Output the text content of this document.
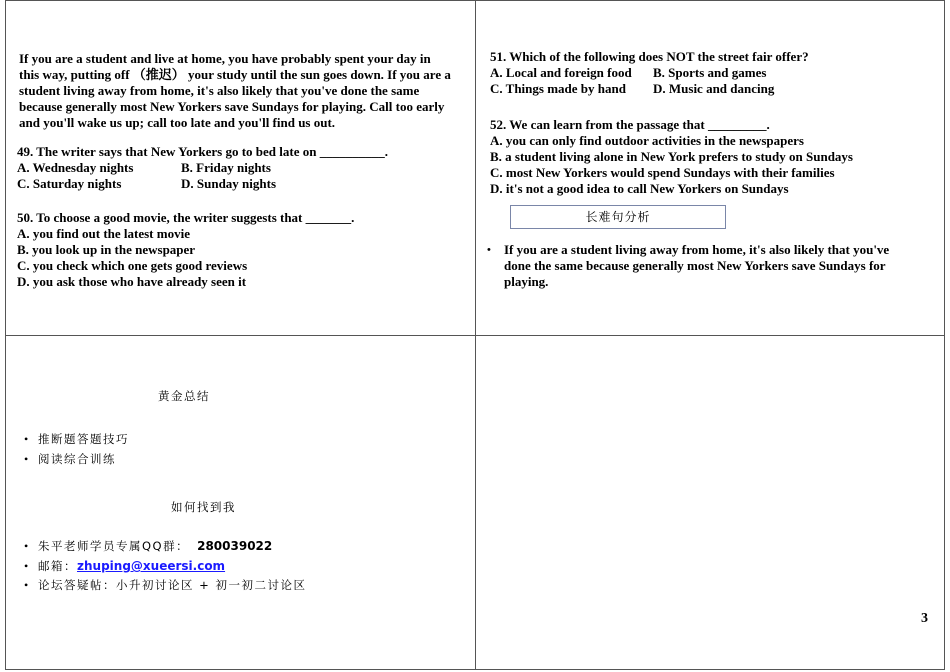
If you are a student and live at home, you have probably spent your day in this way, putting off （推迟） your study until the sun goes down. If you are a student living away from home, it's also likely that you've done the same because generally most New Yorkers save Sundays for playing. Call too early and you'll wake us up; call too late and you'll find us out.
49. The writer says that New Yorkers go to bed late on __________.
A. Wednesday nights	B. Friday nights
C. Saturday nights	D. Sunday nights
50. To choose a good movie, the writer suggests that _______.
A. you find out the latest movie
B. you look up in the newspaper
C. you check which one gets good reviews
D. you ask those who have already seen it
51. Which of the following does NOT the street fair offer?
A. Local and foreign food	B. Sports and games
C. Things made by hand	D. Music and dancing
52. We can learn from the passage that _________.
A. you can only find outdoor activities in the newspapers
B. a student living alone in New York prefers to study on Sundays
C. most New Yorkers would spend Sundays with their families
D. it's not a good idea to call New Yorkers on Sundays
长难句分析
•	If you are a student living away from home, it's also likely that you've done the same because generally most New Yorkers save Sundays for playing.
黄金总结
• 推断题答题技巧
• 阅读综合训练
如何找到我
• 朱平老师学员专属QQ群： 280039022
• 邮箱：zhuping@xueersi.com
• 论坛答疑帖：小升初讨论区 + 初一初二讨论区
3
